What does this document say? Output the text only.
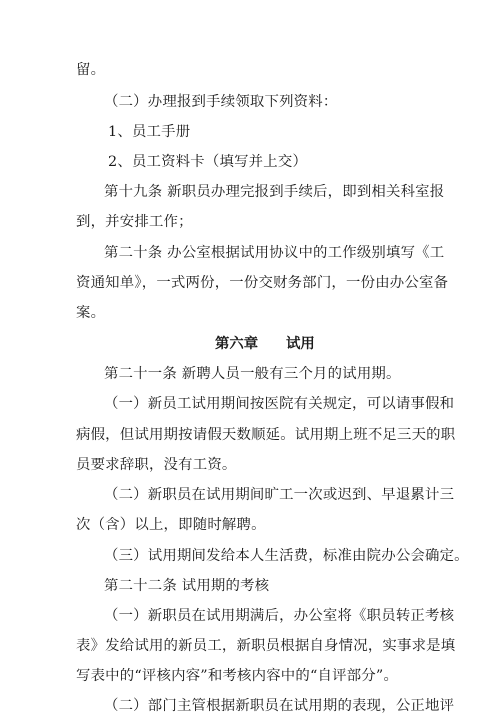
留。
（二）办理报到手续领取下列资料：
1、员工手册
2、员工资料卡（填写并上交）
第十九条 新职员办理完报到手续后，即到相关科室报
到，并安排工作；
第二十条 办公室根据试用协议中的工作级别填写《工
资通知单》，一式两份，一份交财务部门，一份由办公室备
案。
第六章 试用
第二十一条 新聘人员一般有三个月的试用期。
（一）新员工试用期间按医院有关规定，可以请事假和
病假，但试用期按请假天数顺延。试用期上班不足三天的职
员要求辞职，没有工资。
（二）新职员在试用期间旷工一次或迟到、早退累计三
次（含）以上，即随时解聘。
（三）试用期间发给本人生活费，标准由院办公会确定。
第二十二条 试用期的考核
（一）新职员在试用期满后，办公室将《职员转正考核
表》发给试用的新员工，新职员根据自身情况，实事求是填
写表中的“评核内容”和考核内容中的“自评部分”。
（二）部门主管根据新职员在试用期的表现，公正地评
